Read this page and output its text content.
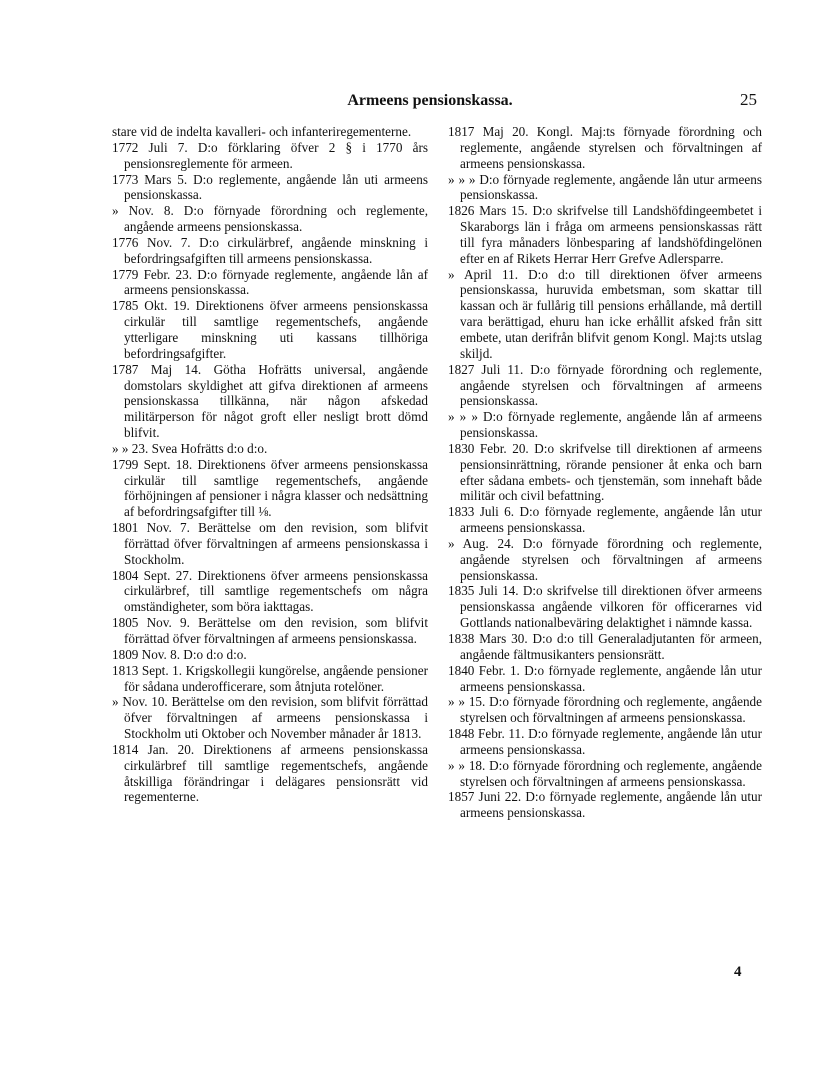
Armeens pensionskassa.	25

stare vid de indelta kavalleri- och infanteriregementerne.

1772 Juli 7. D:o förklaring öfver 2 § i 1770 års pensionsreglemente för armeen.

1773 Mars 5. D:o reglemente, angående lån uti armeens pensionskassa.

» Nov. 8. D:o förnyade förordning och reglemente, angående armeens pensionskassa.

1776 Nov. 7. D:o cirkulärbref, angående minskning i befordringsafgiften till armeens pensionskassa.

1779 Febr. 23. D:o förnyade reglemente, angående lån af armeens pensionskassa.

1785 Okt. 19. Direktionens öfver armeens pensionskassa cirkulär till samtlige regementschefs, angående ytterligare minskning uti kassans tillhöriga befordringsafgifter.

1787 Maj 14. Götha Hofrätts universal, angående domstolars skyldighet att gifva direktionen af armeens pensionskassa tillkänna, när någon afskedad militärperson för något groft eller nesligt brott dömd blifvit.

» » 23. Svea Hofrätts d:o d:o.

1799 Sept. 18. Direktionens öfver armeens pensionskassa cirkulär till samtlige regementschefs, angående förhöjningen af pensioner i några klasser och nedsättning af befordringsafgifter till ⅛.

1801 Nov. 7. Berättelse om den revision, som blifvit förrättad öfver förvaltningen af armeens pensionskassa i Stockholm.

1804 Sept. 27. Direktionens öfver armeens pensionskassa cirkulärbref, till samtlige regementschefs om några omständigheter, som böra iakttagas.

1805 Nov. 9. Berättelse om den revision, som blifvit förrättad öfver förvaltningen af armeens pensionskassa.

1809 Nov. 8. D:o d:o d:o.

1813 Sept. 1. Krigskollegii kungörelse, angående pensioner för sådana underofficerare, som åtnjuta rotelöner.

» Nov. 10. Berättelse om den revision, som blifvit förrättad öfver förvaltningen af armeens pensionskassa i Stockholm uti Oktober och November månader år 1813.

1814 Jan. 20. Direktionens af armeens pensionskassa cirkulärbref till samtlige regementschefs, angående åtskilliga förändringar i delägares pensionsrätt vid regementerne.

1817 Maj 20. Kongl. Maj:ts förnyade förordning och reglemente, angående styrelsen och förvaltningen af armeens pensionskassa.

» » » D:o förnyade reglemente, angående lån utur armeens pensionskassa.

1826 Mars 15. D:o skrifvelse till Landshöfdingeembetet i Skaraborgs län i fråga om armeens pensionskassas rätt till fyra månaders lönbesparing af landshöfdingelönen efter en af Rikets Herrar Herr Grefve Adlersparre.

» April 11. D:o d:o till direktionen öfver armeens pensionskassa, huruvida embetsman, som skattar till kassan och är fullårig till pensions erhållande, må dertill vara berättigad, ehuru han icke erhållit afsked från sitt embete, utan derifrån blifvit genom Kongl. Maj:ts utslag skiljd.

1827 Juli 11. D:o förnyade förordning och reglemente, angående styrelsen och förvaltningen af armeens pensionskassa.

» » » D:o förnyade reglemente, angående lån af armeens pensionskassa.

1830 Febr. 20. D:o skrifvelse till direktionen af armeens pensionsinrättning, rörande pensioner åt enka och barn efter sådana embets- och tjenstemän, som innehaft både militär och civil befattning.

1833 Juli 6. D:o förnyade reglemente, angående lån utur armeens pensionskassa.

» Aug. 24. D:o förnyade förordning och reglemente, angående styrelsen och förvaltningen af armeens pensionskassa.

1835 Juli 14. D:o skrifvelse till direktionen öfver armeens pensionskassa angående vilkoren för officerarnes vid Gottlands nationalbeväring delaktighet i nämnde kassa.

1838 Mars 30. D:o d:o till Generaladjutanten för armeen, angående fältmusikanters pensionsrätt.

1840 Febr. 1. D:o förnyade reglemente, angående lån utur armeens pensionskassa.

» » 15. D:o förnyade förordning och reglemente, angående styrelsen och förvaltningen af armeens pensionskassa.

1848 Febr. 11. D:o förnyade reglemente, angående lån utur armeens pensionskassa.

» » 18. D:o förnyade förordning och reglemente, angående styrelsen och förvaltningen af armeens pensionskassa.

1857 Juni 22. D:o förnyade reglemente, angående lån utur armeens pensionskassa.

4
